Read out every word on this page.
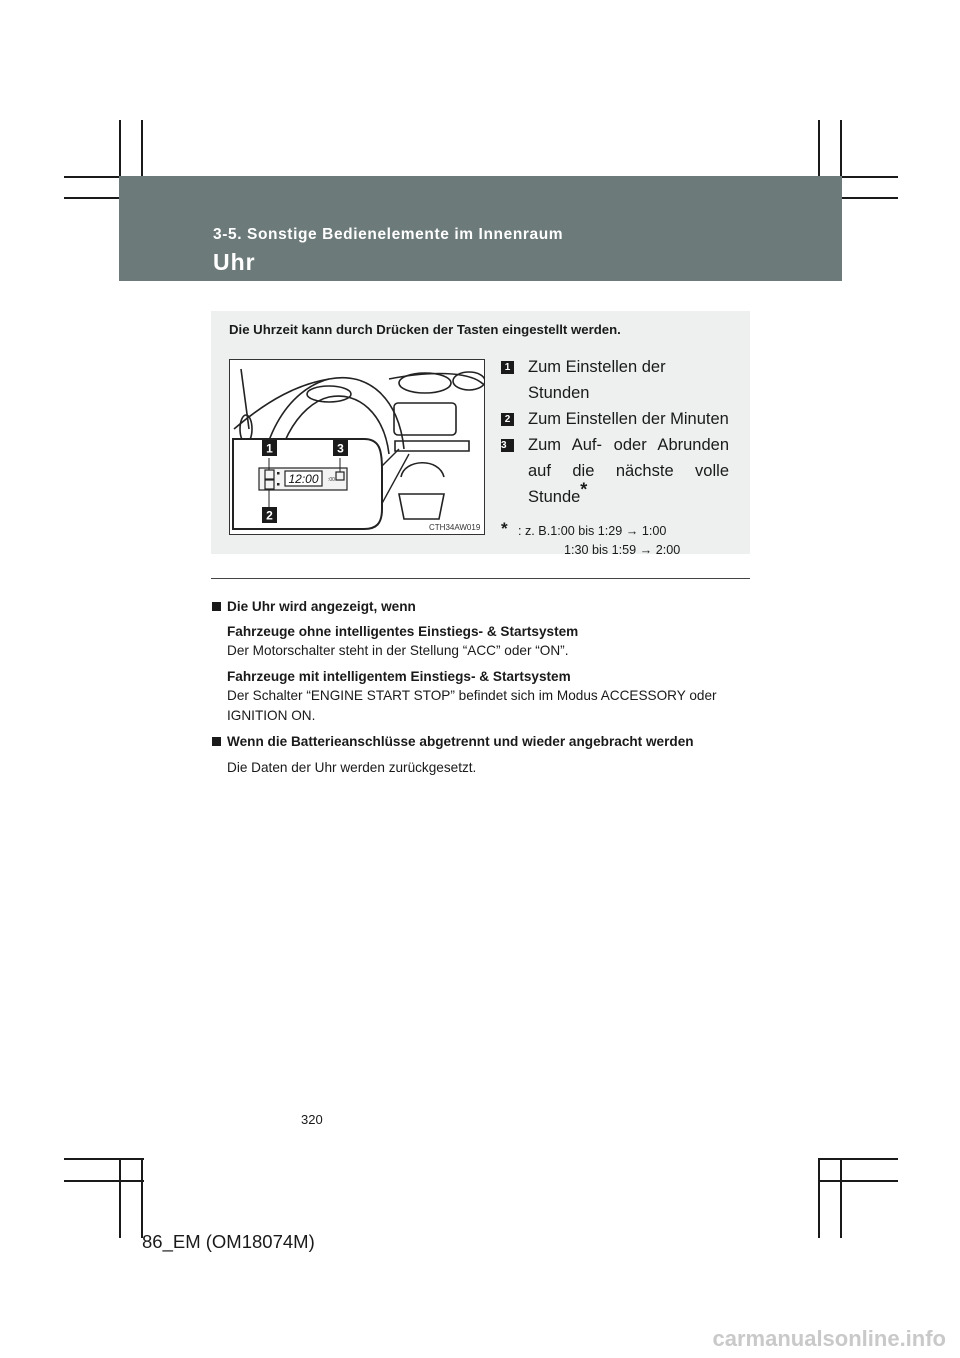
3-5. Sonstige Bedienelemente im Innenraum
Uhr
Die Uhrzeit kann durch Drücken der Tasten eingestellt werden.
12:00 :00
1
2
3
CTH34AW019
1 Zum Einstellen der Stunden
2 Zum Einstellen der Minuten
3	Zum Auf- oder Abrunden auf die nächste volle Stunde*
* : z. B.1:00 bis 1:29 → 1:00
1:30 bis 1:59 → 2:00
Die Uhr wird angezeigt, wenn
Fahrzeuge ohne intelligentes Einstiegs- & Startsystem
Der Motorschalter steht in der Stellung “ACC” oder “ON”.
Fahrzeuge mit intelligentem Einstiegs- & Startsystem
Der Schalter “ENGINE START STOP” befindet sich im Modus ACCESSORY oder IGNITION ON.
Wenn die Batterieanschlüsse abgetrennt und wieder angebracht werden
Die Daten der Uhr werden zurückgesetzt.
320
86_EM (OM18074M)
carmanualsonline.info
